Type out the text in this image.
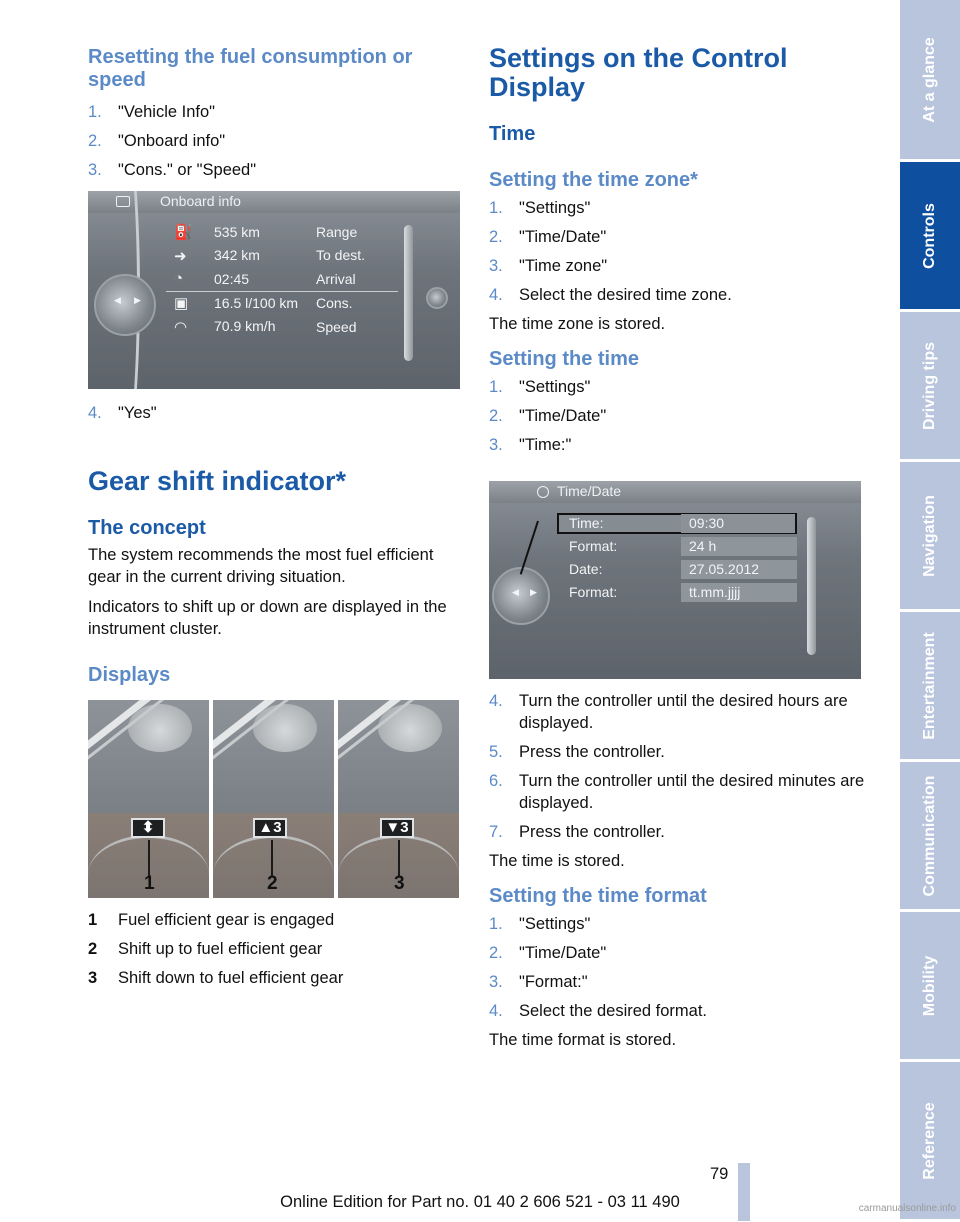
Resetting the fuel consumption or speed
1. "Vehicle Info"
2. "Onboard info"
3. "Cons." or "Speed"
Onboard info
◀ ▶
⛽ 535 km	Range
➜ 342 km	To dest.
◔ 02:45	Arrival
▣ 16.5 l/100 km Cons.
◠ 70.9 km/h	Speed
4. "Yes"
Gear shift indicator*
The concept

The system recommends the most fuel efficient gear in the current driving situation.

Indicators to shift up or down are displayed in the instrument cluster.

Displays
⬍
1
▲3
2
▼3
3
1 Fuel efficient gear is engaged
2 Shift up to fuel efficient gear
3 Shift down to fuel efficient gear
Settings on the Control Display
Time
Setting the time zone*
1. "Settings"
2. "Time/Date"
3. "Time zone"
4. Select the desired time zone.

The time zone is stored.

Setting the time
1. "Settings"
2. "Time/Date"
3. "Time:"
Time/Date
◀ ▶
Time:	09:30
Format:	24 h
Date:	27.05.2012
Format:	tt.mm.jjjj
4. Turn the controller until the desired hours are displayed.
5. Press the controller.
6. Turn the controller until the desired minutes are displayed.
7. Press the controller.

The time is stored.

Setting the time format
1. "Settings"
2. "Time/Date"
3. "Format:"
4. Select the desired format.

The time format is stored.

At a glance
Controls
Driving tips
Navigation
Entertainment
Communication
Mobility
Reference
79
Online Edition for Part no. 01 40 2 606 521 - 03 11 490	carmanualsonline.info
